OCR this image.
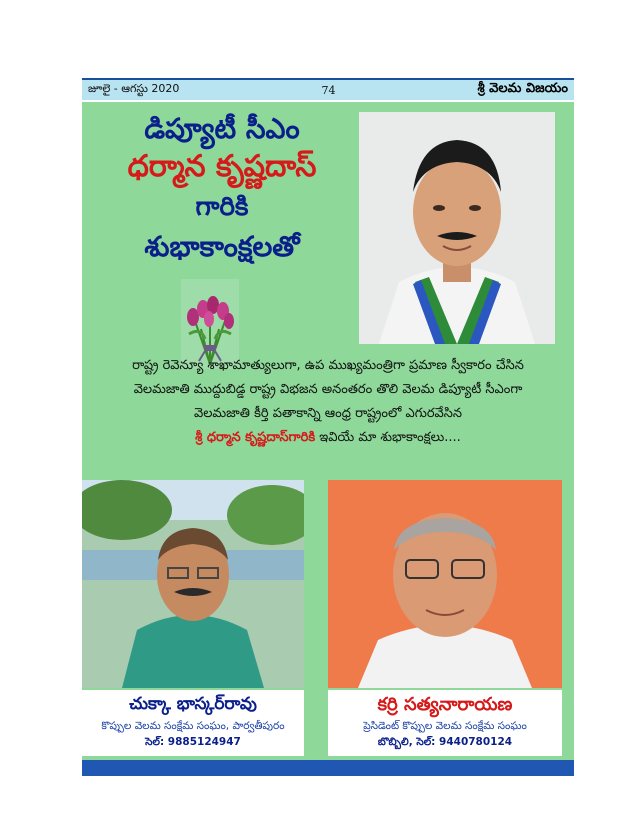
జూలై - ఆగస్టు 2020	74	శ్రీ వెలమ విజయం
డిప్యూటీ సీఎం
ధర్మాన కృష్ణదాస్
గారికి
శుభాకాంక్షలతో
రాష్ట్ర రెవెన్యూ శాఖామాత్యులుగా, ఉప ముఖ్యమంత్రిగా ప్రమాణ స్వీకారం చేసిన
వెలమజాతి ముద్దుబిడ్డ రాష్ట్ర విభజన అనంతరం తొలి వెలమ డిప్యూటీ సీఎంగా
వెలమజాతి కీర్తి పతాకాన్ని ఆంధ్ర రాష్ట్రంలో ఎగురవేసిన
శ్రీ ధర్మాన కృష్ణదాస్‌గారికి ఇవియే మా శుభాకాంక్షలు....
చుక్కా భాస్కర్‌రావు
కొప్పుల వెలమ సంక్షేమ సంఘం, పార్వతీపురం
సెల్: 9885124947
కర్రి సత్యనారాయణ
ప్రెసిడెంట్ కొప్పుల వెలమ సంక్షేమ సంఘం
బొబ్బిలి, సెల్: 9440780124
